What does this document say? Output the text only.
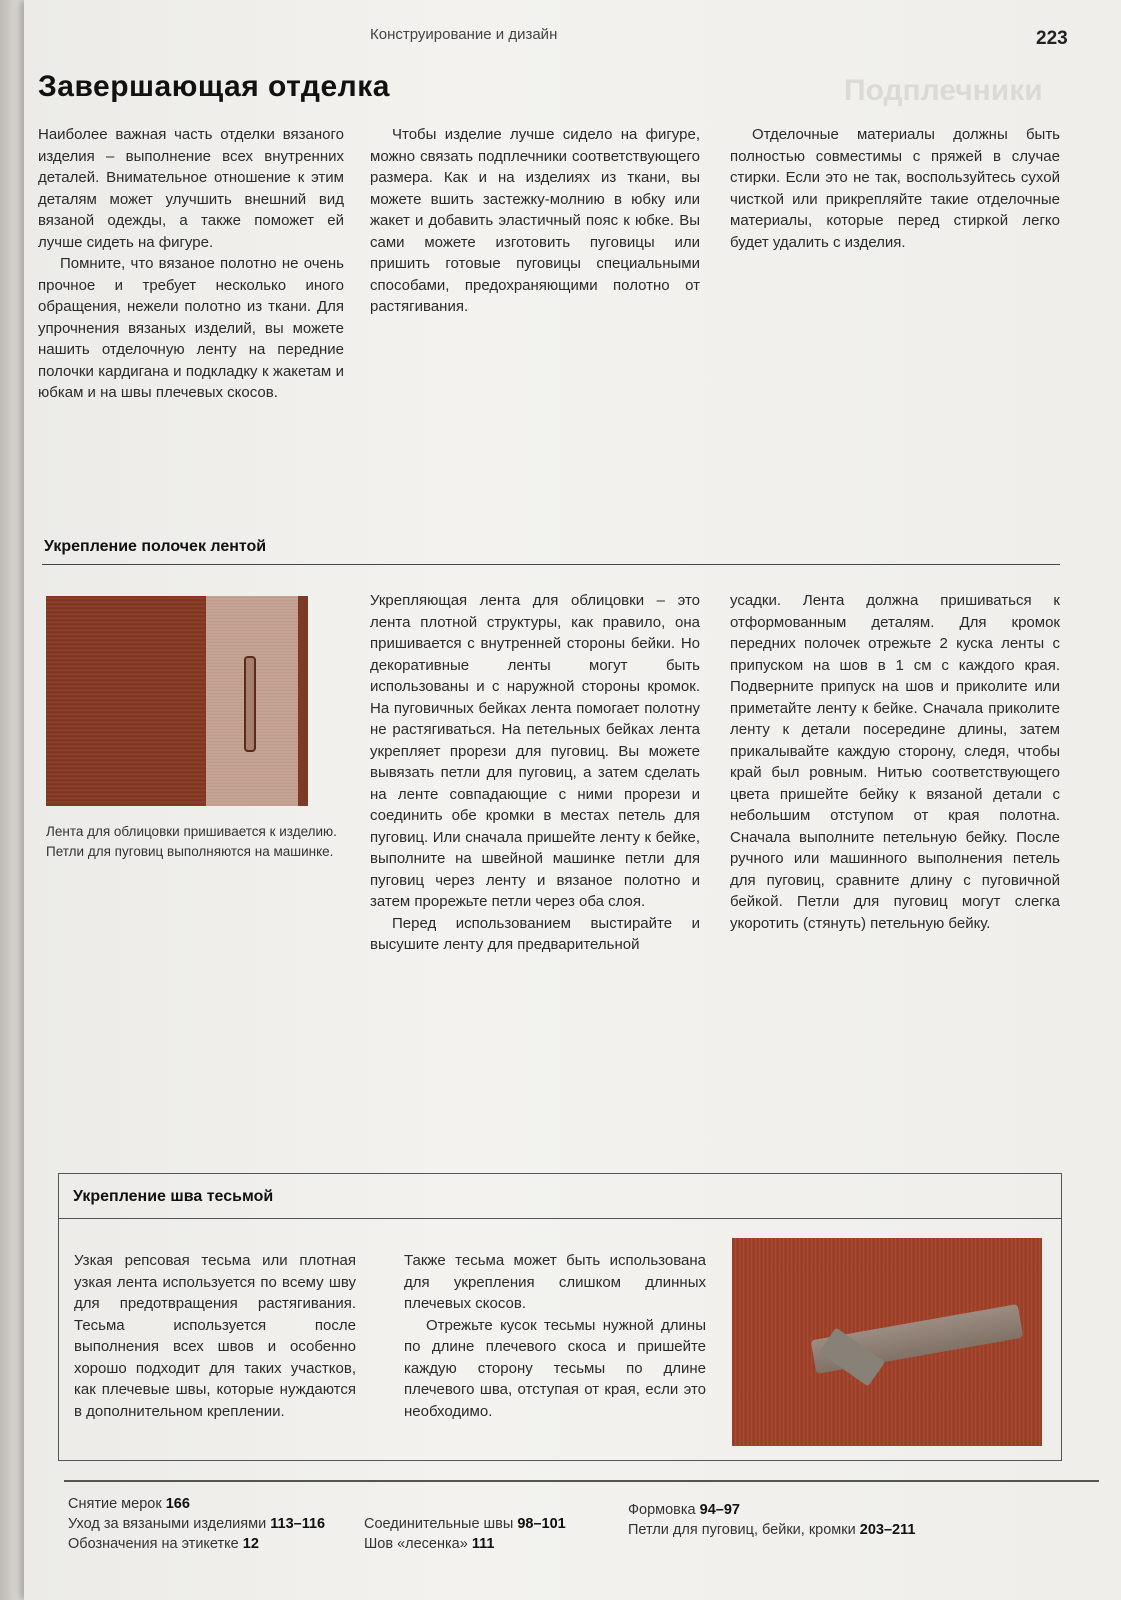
Конструирование и дизайн	223
Подплечники
Завершающая отделка

Наиболее важная часть отделки вязаного изделия – выполнение всех внутренних деталей. Внимательное отношение к этим деталям может улучшить внешний вид вязаной одежды, а также поможет ей лучше сидеть на фигуре.

Помните, что вязаное полотно не очень прочное и требует несколько иного обращения, нежели полотно из ткани. Для упрочнения вязаных изделий, вы можете нашить отделочную ленту на передние полочки кардигана и подкладку к жакетам и юбкам и на швы плечевых скосов.

Чтобы изделие лучше сидело на фигуре, можно связать подплечники соответствующего размера. Как и на изделиях из ткани, вы можете вшить застежку-молнию в юбку или жакет и добавить эластичный пояс к юбке. Вы сами можете изготовить пуговицы или пришить готовые пуговицы специальными способами, предохраняющими полотно от растягивания.

Отделочные материалы должны быть полностью совместимы с пряжей в случае стирки. Если это не так, воспользуйтесь сухой чисткой или прикрепляйте такие отделочные материалы, которые перед стиркой легко будет удалить с изделия.

Укрепление полочек лентой
Лента для облицовки пришивается к изделию. Петли для пуговиц выполняются на машинке.

Укрепляющая лента для облицовки – это лента плотной структуры, как правило, она пришивается с внутренней стороны бейки. Но декоративные ленты могут быть использованы и с наружной стороны кромок. На пуговичных бейках лента помогает полотну не растягиваться. На петельных бейках лента укрепляет прорези для пуговиц. Вы можете вывязать петли для пуговиц, а затем сделать на ленте совпадающие с ними прорези и соединить обе кромки в местах петель для пуговиц. Или сначала пришейте ленту к бейке, выполните на швейной машинке петли для пуговиц через ленту и вязаное полотно и затем прорежьте петли через оба слоя.

Перед использованием выстирайте и высушите ленту для предварительной

усадки. Лента должна пришиваться к отформованным деталям. Для кромок передних полочек отрежьте 2 куска ленты с припуском на шов в 1 см с каждого края. Подверните припуск на шов и приколите или приметайте ленту к бейке. Сначала приколите ленту к детали посередине длины, затем прикалывайте каждую сторону, следя, чтобы край был ровным. Нитью соответствующего цвета пришейте бейку к вязаной детали с небольшим отступом от края полотна. Сначала выполните петельную бейку. После ручного или машинного выполнения петель для пуговиц, сравните длину с пуговичной бейкой. Петли для пуговиц могут слегка укоротить (стянуть) петельную бейку.

Укрепление шва тесьмой

Узкая репсовая тесьма или плотная узкая лента используется по всему шву для предотвращения растягивания. Тесьма используется после выполнения всех швов и особенно хорошо подходит для таких участков, как плечевые швы, которые нуждаются в дополнительном креплении.

Также тесьма может быть использована для укрепления слишком длинных плечевых скосов.

Отрежьте кусок тесьмы нужной длины по длине плечевого скоса и пришейте каждую сторону тесьмы по длине плечевого шва, отступая от края, если это необходимо.

Снятие мерок 166
Уход за вязаными изделиями 113–116
Обозначения на этикетке 12
Соединительные швы 98–101
Шов «лесенка» 111
Формовка 94–97
Петли для пуговиц, бейки, кромки 203–211
